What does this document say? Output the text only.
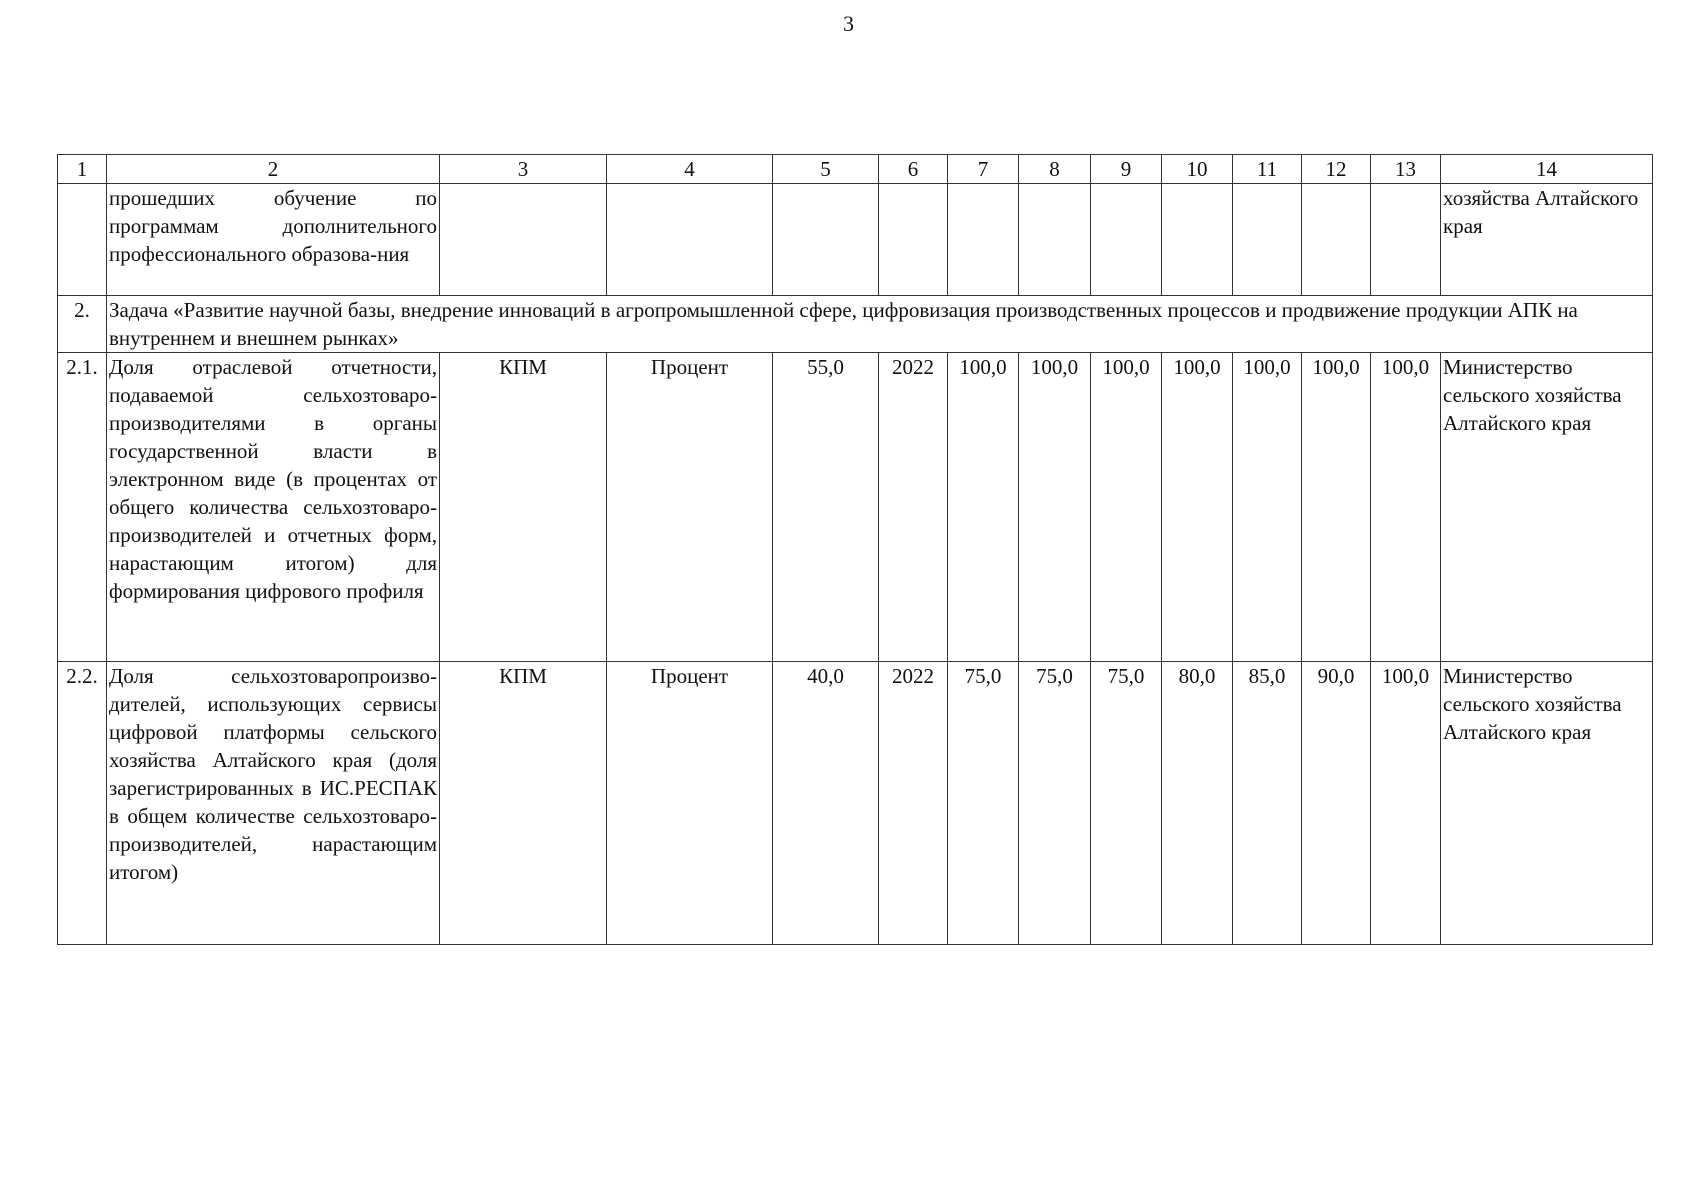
3
1	2	3	4	5	6	7	8	9	10	11	12	13	14
	прошедших обучение по программам дополнительного профессионального образова-ния												хозяйства Алтайского края
2.	Задача «Развитие научной базы, внедрение инноваций в агропромышленной сфере, цифровизация производственных процессов и продвижение продукции АПК на внутреннем и внешнем рынках»												
2.1.	Доля отраслевой отчетности, подаваемой сельхозтоваро-производителями в органы государственной власти в электронном виде (в процентах от общего количества сельхозтоваро-производителей и отчетных форм, нарастающим итогом) для формирования цифрового профиля	КПМ	Процент	55,0	2022	100,0	100,0	100,0	100,0	100,0	100,0	100,0	Министерство сельского хозяйства Алтайского края
2.2.	Доля сельхозтоваропроизво-дителей, использующих сервисы цифровой платформы сельского хозяйства Алтайского края (доля зарегистрированных в ИС.РЕСПАК в общем количестве сельхозтоваро-производителей, нарастающим итогом)	КПМ	Процент	40,0	2022	75,0	75,0	75,0	80,0	85,0	90,0	100,0	Министерство сельского хозяйства Алтайского края
